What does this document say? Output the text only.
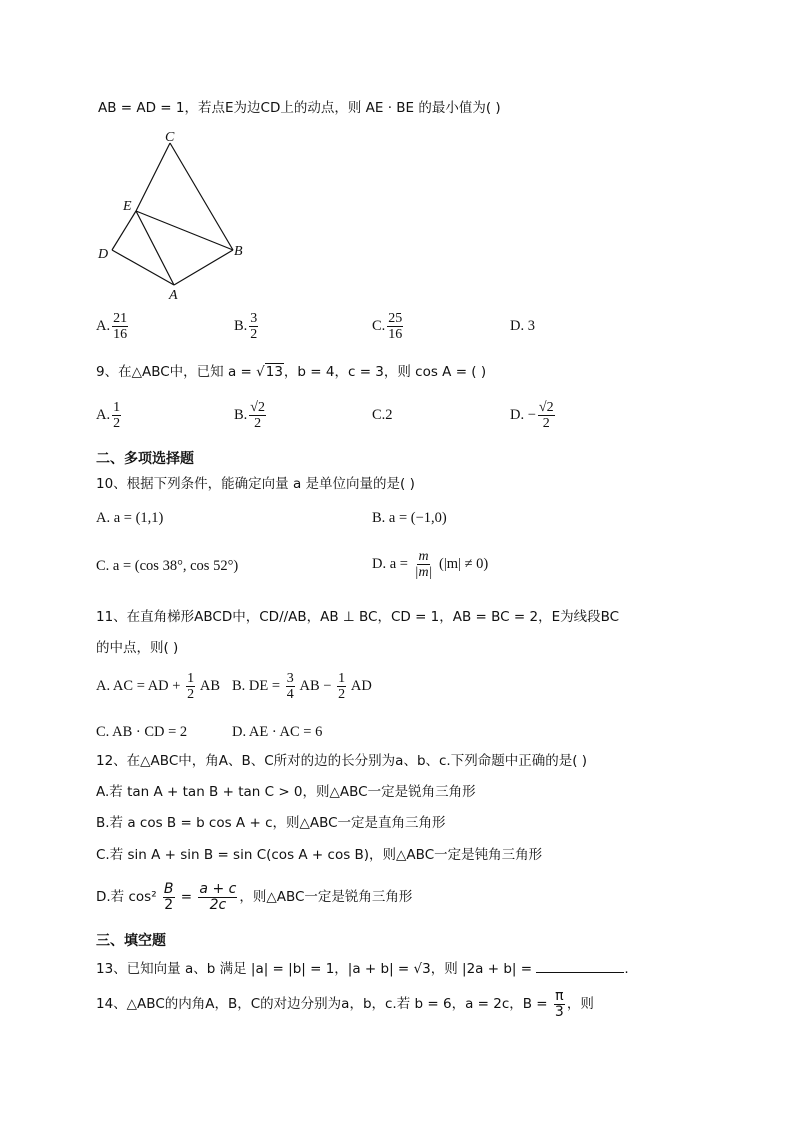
AB = AD = 1，若点E为边CD上的动点，则 AE · BE 的最小值为( )
C
E
D	B
A
A. $\frac{21}{16}$	B. $\frac{3}{2}$	C. $\frac{25}{16}$	D. 3
9、在△ABC中，已知 a = √13，b = 4，c = 3，则 cos A = ( )
A. $\frac{1}{2}$	B. $\frac{√2}{2}$	C.2	D. − $\frac{√2}{2}$
二、多项选择题
10、根据下列条件，能确定向量 a 是单位向量的是( )
A. a = (1,1)	B. a = (−1,0)
C. a = (cos 38°, cos 52°)	D. $a = \frac{m}{|m|} (|m| \ne 0)$
11、在直角梯形ABCD中，CD//AB，AB ⊥ BC，CD = 1，AB = BC = 2，E为线段BC
的中点，则( )
A. AC = AD + $\frac{1}{2}$ AB B. DE = $\frac{3}{4}$ AB − $\frac{1}{2}$ AD
C. AB · CD = 2	D. AE · AC = 6
12、在△ABC中，角A、B、C所对的边的长分别为a、b、c.下列命题中正确的是( )
A.若 tan A + tan B + tan C > 0，则△ABC一定是锐角三角形
B.若 a cos B = b cos A + c，则△ABC一定是直角三角形
C.若 sin A + sin B = sin C(cos A + cos B)，则△ABC一定是钝角三角形
D.若 $\cos^2 \frac{B}{2} = \frac{a + c}{2c}$ ，则△ABC一定是锐角三角形
三、填空题
13、已知向量 a、b 满足 |a| = |b| = 1，|a + b| = √3，则 |2a + b| =	.
14、△ABC的内角A，B，C的对边分别为a，b，c.若 b = 6，a = 2c，$B = \frac{\pi}{3}$ ，则
